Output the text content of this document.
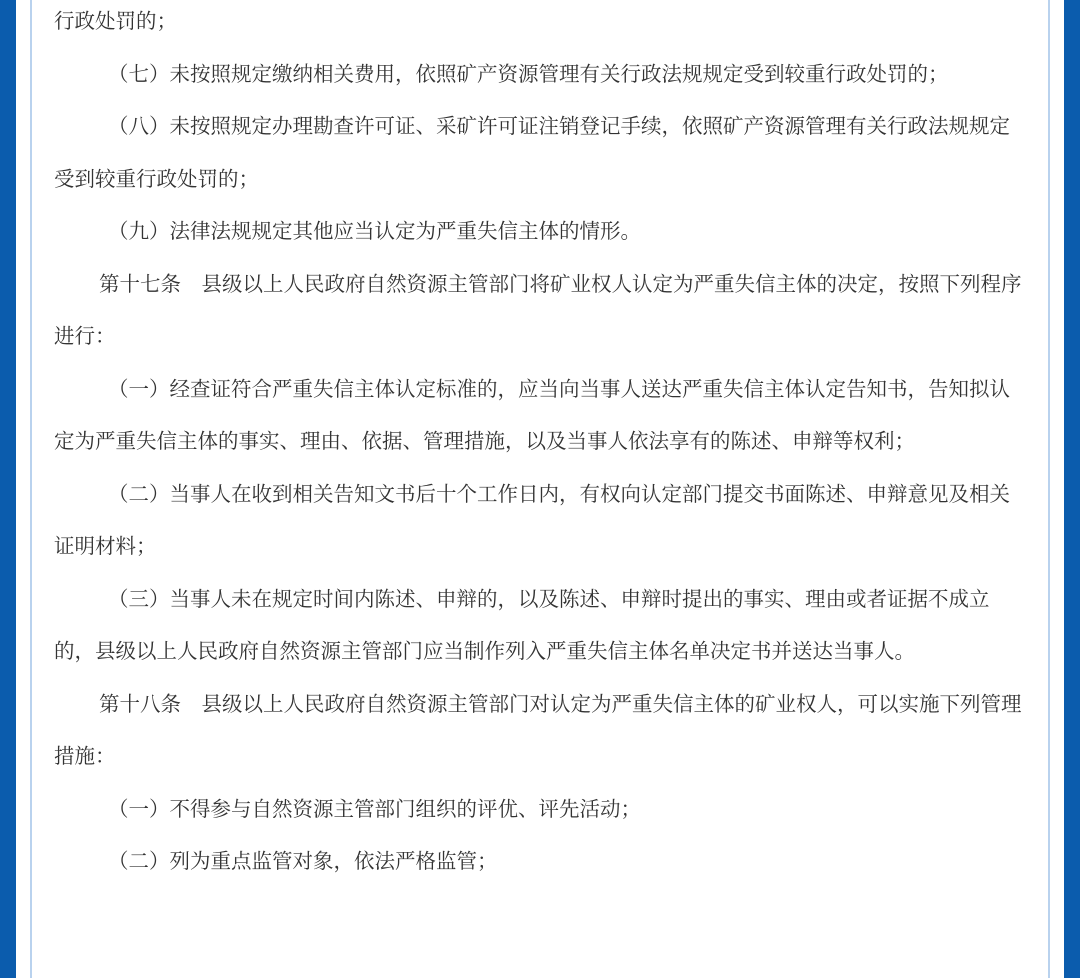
行政处罚的；

（七）未按照规定缴纳相关费用，依照矿产资源管理有关行政法规规定受到较重行政处罚的；

（八）未按照规定办理勘查许可证、采矿许可证注销登记手续，依照矿产资源管理有关行政法规规定受到较重行政处罚的；

（九）法律法规规定其他应当认定为严重失信主体的情形。

第十七条　县级以上人民政府自然资源主管部门将矿业权人认定为严重失信主体的决定，按照下列程序进行：

（一）经查证符合严重失信主体认定标准的，应当向当事人送达严重失信主体认定告知书，告知拟认定为严重失信主体的事实、理由、依据、管理措施，以及当事人依法享有的陈述、申辩等权利；

（二）当事人在收到相关告知文书后十个工作日内，有权向认定部门提交书面陈述、申辩意见及相关证明材料；

（三）当事人未在规定时间内陈述、申辩的，以及陈述、申辩时提出的事实、理由或者证据不成立的，县级以上人民政府自然资源主管部门应当制作列入严重失信主体名单决定书并送达当事人。

第十八条　县级以上人民政府自然资源主管部门对认定为严重失信主体的矿业权人，可以实施下列管理措施：

（一）不得参与自然资源主管部门组织的评优、评先活动；

（二）列为重点监管对象，依法严格监管；
